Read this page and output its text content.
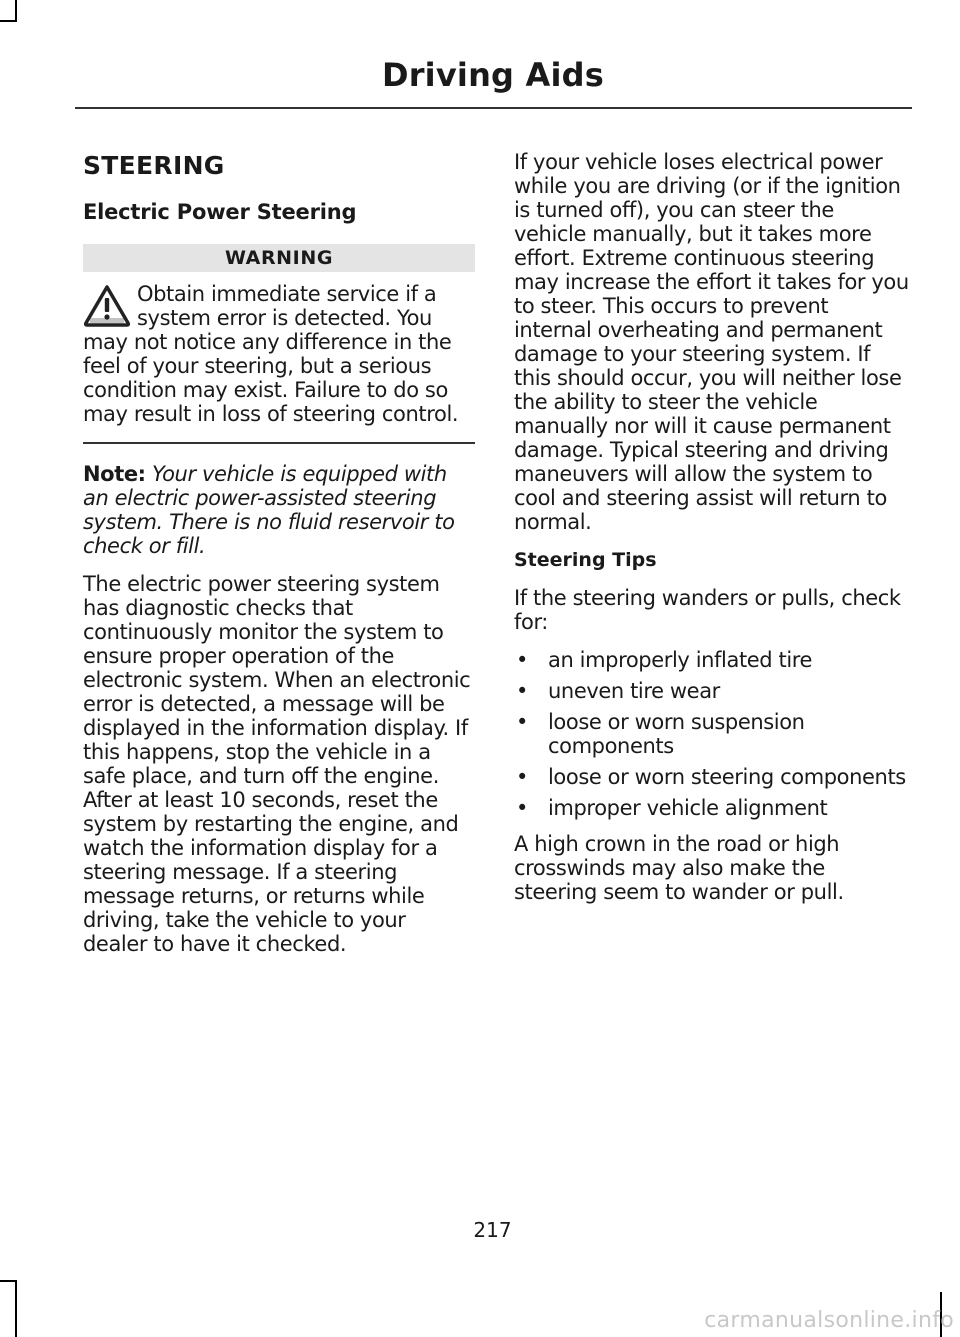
Driving Aids
STEERING
Electric Power Steering
WARNING

Obtain immediate service if a system error is detected. You may not notice any difference in the feel of your steering, but a serious condition may exist. Failure to do so may result in loss of steering control.

Note: Your vehicle is equipped with an electric power-assisted steering system. There is no fluid reservoir to check or fill.

The electric power steering system has diagnostic checks that continuously monitor the system to ensure proper operation of the electronic system. When an electronic error is detected, a message will be displayed in the information display. If this happens, stop the vehicle in a safe place, and turn off the engine. After at least 10 seconds, reset the system by restarting the engine, and watch the information display for a steering message. If a steering message returns, or returns while driving, take the vehicle to your dealer to have it checked.

If your vehicle loses electrical power while you are driving (or if the ignition is turned off), you can steer the vehicle manually, but it takes more effort. Extreme continuous steering may increase the effort it takes for you to steer. This occurs to prevent internal overheating and permanent damage to your steering system. If this should occur, you will neither lose the ability to steer the vehicle manually nor will it cause permanent damage. Typical steering and driving maneuvers will allow the system to cool and steering assist will return to normal.

Steering Tips

If the steering wanders or pulls, check for:

• an improperly inflated tire
• uneven tire wear
• loose or worn suspension components
• loose or worn steering components
• improper vehicle alignment

A high crown in the road or high crosswinds may also make the steering seem to wander or pull.

217
carmanualsonline.info
